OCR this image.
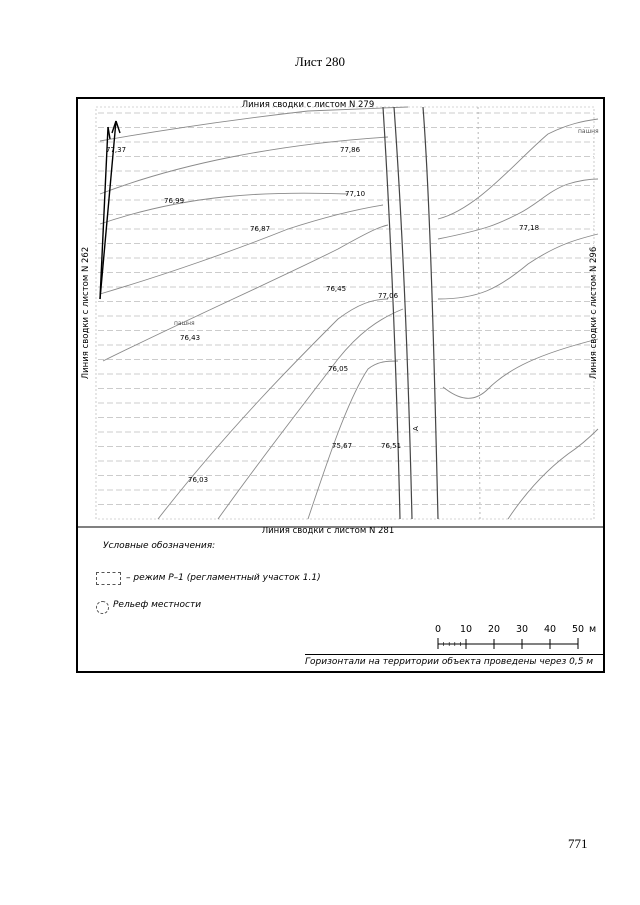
Лист 280
Линия сводки с листом N 279
Линия сводки с листом N 281
Линия сводки с листом N 262	Линия сводки с листом N 296
77,37	77,86
77,10
76,99
76,87	77,18
76,45
77,06
76,43
76,05
75,67	76,51
76,03
пашня
пашня
А
Условные обозначения:
– режим Р–1 (регламентный участок 1.1)
Рельеф местности
0 10 20 30 40 50 м
Горизонтали на территории объекта проведены через 0,5 м
771
